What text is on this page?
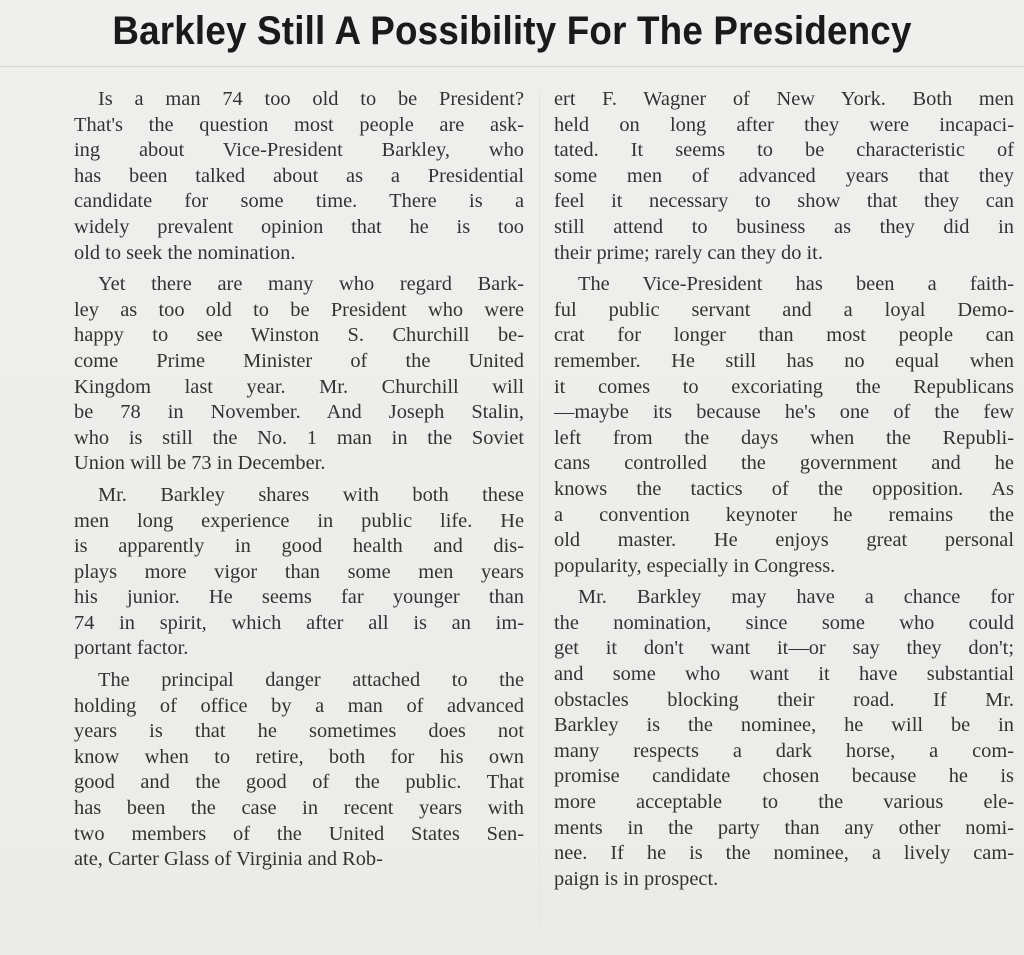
Barkley Still A Possibility For The Presidency
Is a man 74 too old to be President?
That's the question most people are ask-
ing about Vice-President Barkley, who
has been talked about as a Presidential
candidate for some time. There is a
widely prevalent opinion that he is too
old to seek the nomination.
Yet there are many who regard Bark-
ley as too old to be President who were
happy to see Winston S. Churchill be-
come Prime Minister of the United
Kingdom last year. Mr. Churchill will
be 78 in November. And Joseph Stalin,
who is still the No. 1 man in the Soviet
Union will be 73 in December.
Mr. Barkley shares with both these
men long experience in public life. He
is apparently in good health and dis-
plays more vigor than some men years
his junior. He seems far younger than
74 in spirit, which after all is an im-
portant factor.
The principal danger attached to the
holding of office by a man of advanced
years is that he sometimes does not
know when to retire, both for his own
good and the good of the public. That
has been the case in recent years with
two members of the United States Sen-
ate, Carter Glass of Virginia and Rob-
ert F. Wagner of New York. Both men
held on long after they were incapaci-
tated. It seems to be characteristic of
some men of advanced years that they
feel it necessary to show that they can
still attend to business as they did in
their prime; rarely can they do it.
The Vice-President has been a faith-
ful public servant and a loyal Demo-
crat for longer than most people can
remember. He still has no equal when
it comes to excoriating the Republicans
—maybe its because he's one of the few
left from the days when the Republi-
cans controlled the government and he
knows the tactics of the opposition. As
a convention keynoter he remains the
old master. He enjoys great personal
popularity, especially in Congress.
Mr. Barkley may have a chance for
the nomination, since some who could
get it don't want it—or say they don't;
and some who want it have substantial
obstacles blocking their road. If Mr.
Barkley is the nominee, he will be in
many respects a dark horse, a com-
promise candidate chosen because he is
more acceptable to the various ele-
ments in the party than any other nomi-
nee. If he is the nominee, a lively cam-
paign is in prospect.
